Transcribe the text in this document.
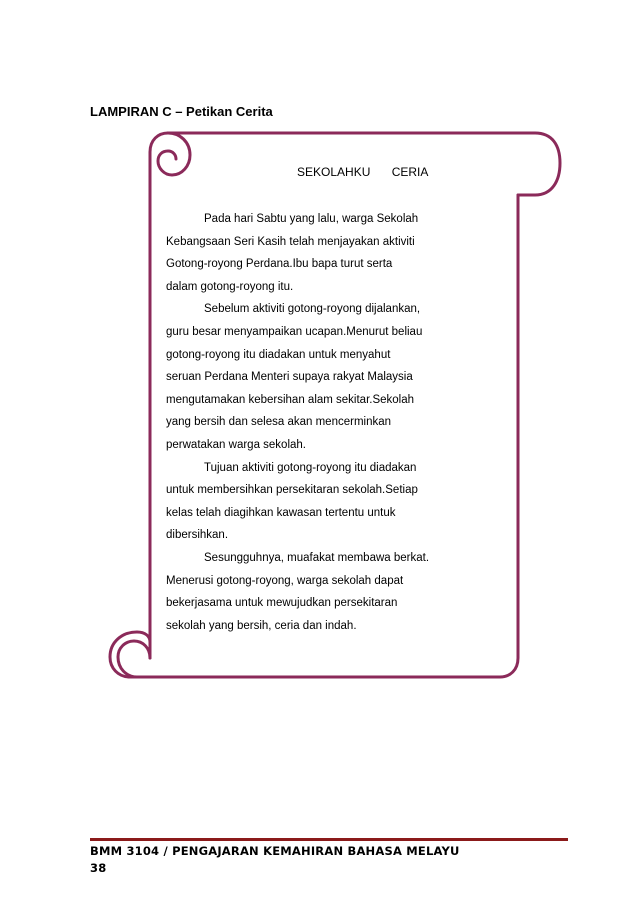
LAMPIRAN C – Petikan Cerita
SEKOLAHKU CERIA
Pada hari Sabtu yang lalu, warga Sekolah
Kebangsaan Seri Kasih telah menjayakan aktiviti
Gotong-royong Perdana.Ibu bapa turut serta
dalam gotong-royong itu.
Sebelum aktiviti gotong-royong dijalankan,
guru besar menyampaikan ucapan.Menurut beliau
gotong-royong itu diadakan untuk menyahut
seruan Perdana Menteri supaya rakyat Malaysia
mengutamakan kebersihan alam sekitar.Sekolah
yang bersih dan selesa akan mencerminkan
perwatakan warga sekolah.
Tujuan aktiviti gotong-royong itu diadakan
untuk membersihkan persekitaran sekolah.Setiap
kelas telah diagihkan kawasan tertentu untuk
dibersihkan.
Sesungguhnya, muafakat membawa berkat.
Menerusi gotong-royong, warga sekolah dapat
bekerjasama untuk mewujudkan persekitaran
sekolah yang bersih, ceria dan indah.
BMM 3104 / PENGAJARAN KEMAHIRAN BAHASA MELAYU
38
